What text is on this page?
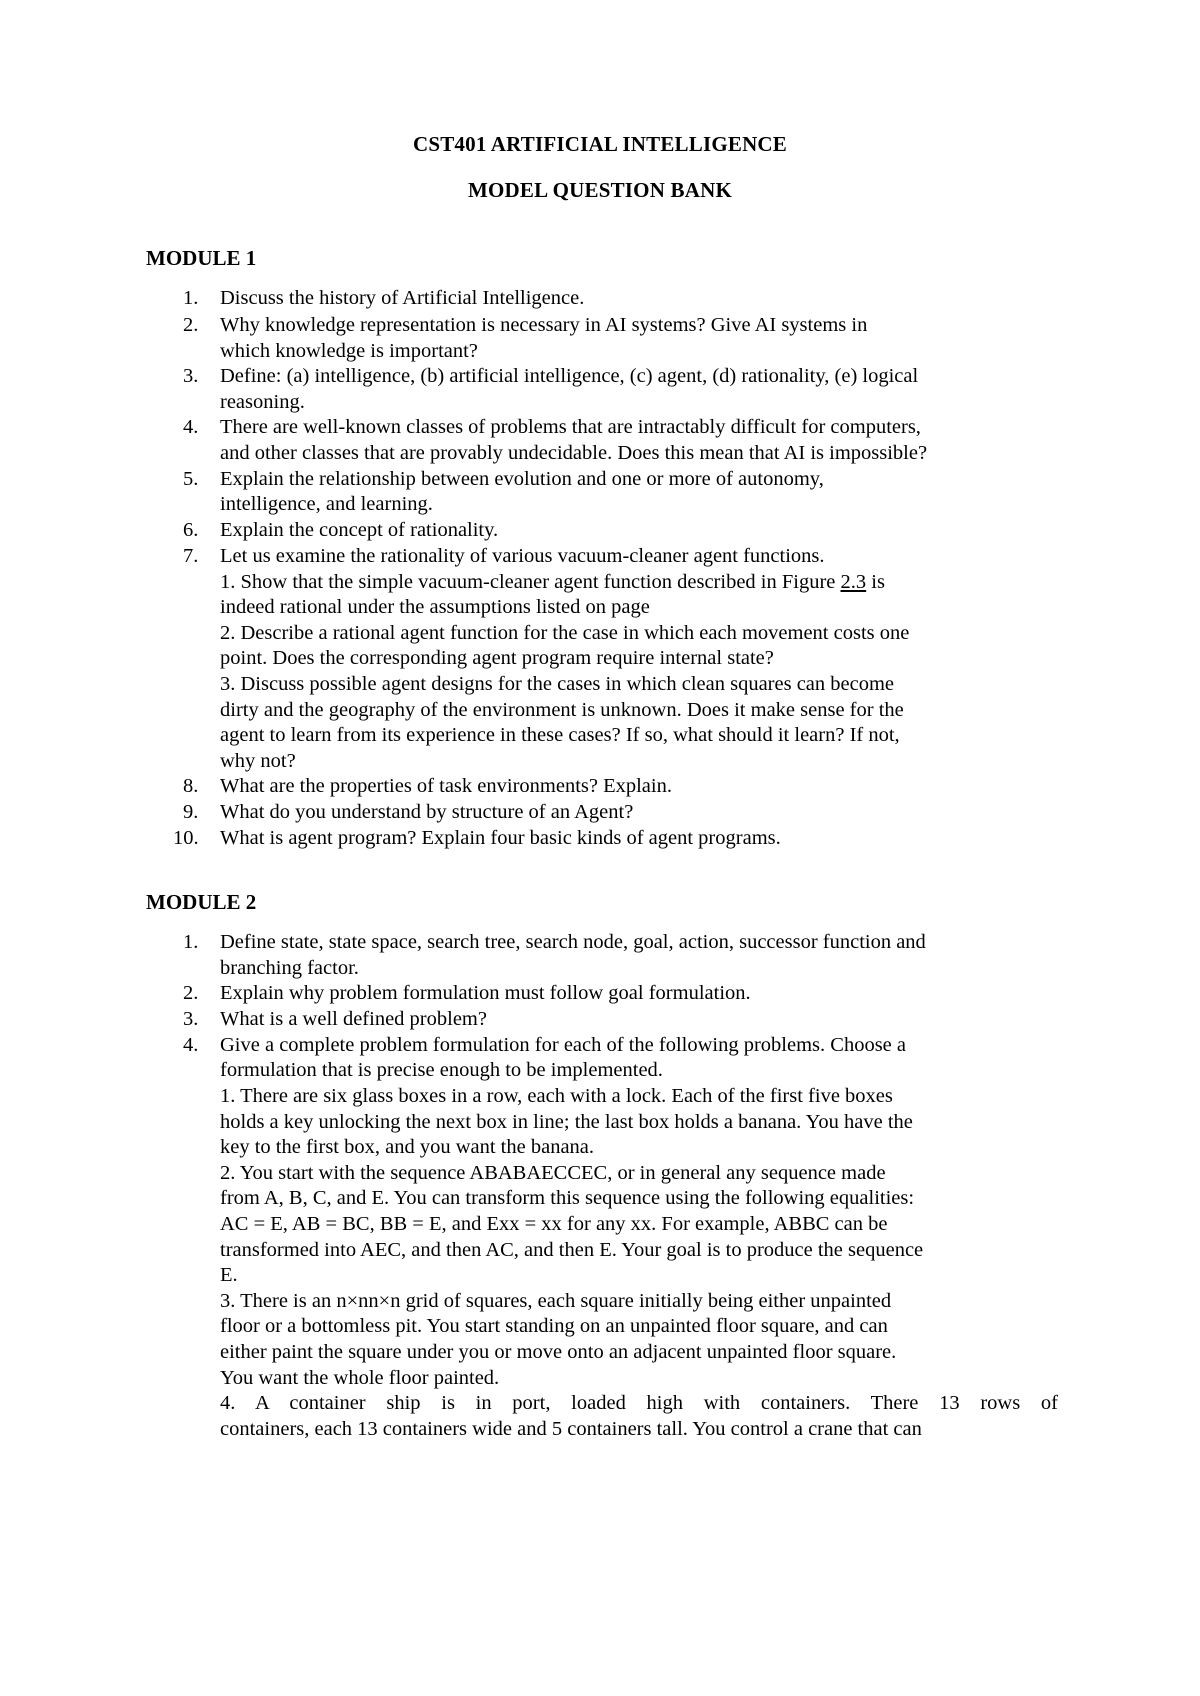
CST401 ARTIFICIAL INTELLIGENCE
MODEL QUESTION BANK
MODULE 1
1.	Discuss the history of Artificial Intelligence.
2.	Why knowledge representation is necessary in AI systems? Give AI systems in
which knowledge is important?
3.	Define: (a) intelligence, (b) artificial intelligence, (c) agent, (d) rationality, (e) logical
reasoning.
4.	There are well-known classes of problems that are intractably difficult for computers,
and other classes that are provably undecidable. Does this mean that AI is impossible?
5.	Explain the relationship between evolution and one or more of autonomy,
intelligence, and learning.
6.	Explain the concept of rationality.
7.	Let us examine the rationality of various vacuum-cleaner agent functions.
1. Show that the simple vacuum-cleaner agent function described in Figure 2.3 is
indeed rational under the assumptions listed on page
2. Describe a rational agent function for the case in which each movement costs one
point. Does the corresponding agent program require internal state?
3. Discuss possible agent designs for the cases in which clean squares can become
dirty and the geography of the environment is unknown. Does it make sense for the
agent to learn from its experience in these cases? If so, what should it learn? If not,
why not?
8.	What are the properties of task environments? Explain.
9.	What do you understand by structure of an Agent?
10. What is agent program? Explain four basic kinds of agent programs.
MODULE 2
1.	Define state, state space, search tree, search node, goal, action, successor function and
branching factor.
2.	Explain why problem formulation must follow goal formulation.
3.	What is a well defined problem?
4.	Give a complete problem formulation for each of the following problems. Choose a
formulation that is precise enough to be implemented.
1. There are six glass boxes in a row, each with a lock. Each of the first five boxes
holds a key unlocking the next box in line; the last box holds a banana. You have the
key to the first box, and you want the banana.
2. You start with the sequence ABABAECCEC, or in general any sequence made
from A, B, C, and E. You can transform this sequence using the following equalities:
AC = E, AB = BC, BB = E, and Exx = xx for any xx. For example, ABBC can be
transformed into AEC, and then AC, and then E. Your goal is to produce the sequence
E.
3. There is an n×nn×n grid of squares, each square initially being either unpainted
floor or a bottomless pit. You start standing on an unpainted floor square, and can
either paint the square under you or move onto an adjacent unpainted floor square.
You want the whole floor painted.
4. A container ship is in port, loaded high with containers. There 13 rows of
containers, each 13 containers wide and 5 containers tall. You control a crane that can
